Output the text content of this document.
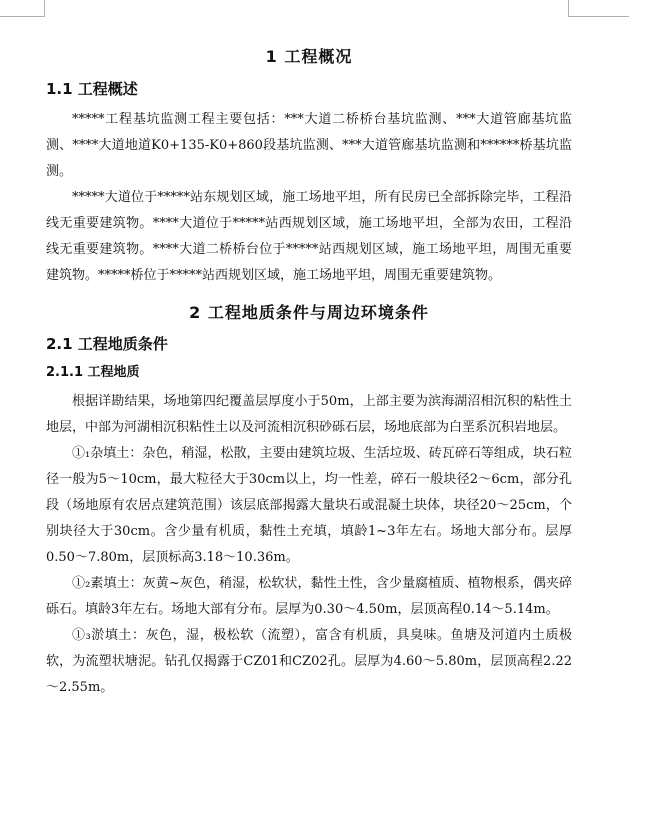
1 工程概况
1.1 工程概述

*****工程基坑监测工程主要包括：***大道二桥桥台基坑监测、***大道管廊基坑监测、****大道地道K0+135-K0+860段基坑监测、***大道管廊基坑监测和******桥基坑监测。

*****大道位于*****站东规划区域，施工场地平坦，所有民房已全部拆除完毕，工程沿线无重要建筑物。****大道位于*****站西规划区域，施工场地平坦，全部为农田，工程沿线无重要建筑物。****大道二桥桥台位于*****站西规划区域，施工场地平坦，周围无重要建筑物。*****桥位于*****站西规划区域，施工场地平坦，周围无重要建筑物。

2 工程地质条件与周边环境条件
2.1 工程地质条件
2.1.1 工程地质

根据详勘结果，场地第四纪覆盖层厚度小于50m，上部主要为滨海湖沼相沉积的粘性土地层，中部为河湖相沉积粘性土以及河流相沉积砂砾石层，场地底部为白垩系沉积岩地层。

①₁杂填土：杂色，稍湿，松散，主要由建筑垃圾、生活垃圾、砖瓦碎石等组成，块石粒径一般为5～10cm，最大粒径大于30cm以上，均一性差，碎石一般块径2～6cm，部分孔段（场地原有农居点建筑范围）该层底部揭露大量块石或混凝土块体，块径20～25cm，个别块径大于30cm。含少量有机质，黏性土充填，填龄1~3年左右。场地大部分布。层厚0.50～7.80m，层顶标高3.18～10.36m。

①₂素填土：灰黄~灰色，稍湿，松软状，黏性土性，含少量腐植质、植物根系，偶夹碎砾石。填龄3年左右。场地大部有分布。层厚为0.30～4.50m，层顶高程0.14～5.14m。

①₃淤填土：灰色，湿，极松软（流塑），富含有机质，具臭味。鱼塘及河道内土质极软，为流塑状塘泥。钻孔仅揭露于CZ01和CZ02孔。层厚为4.60～5.80m，层顶高程2.22～2.55m。
